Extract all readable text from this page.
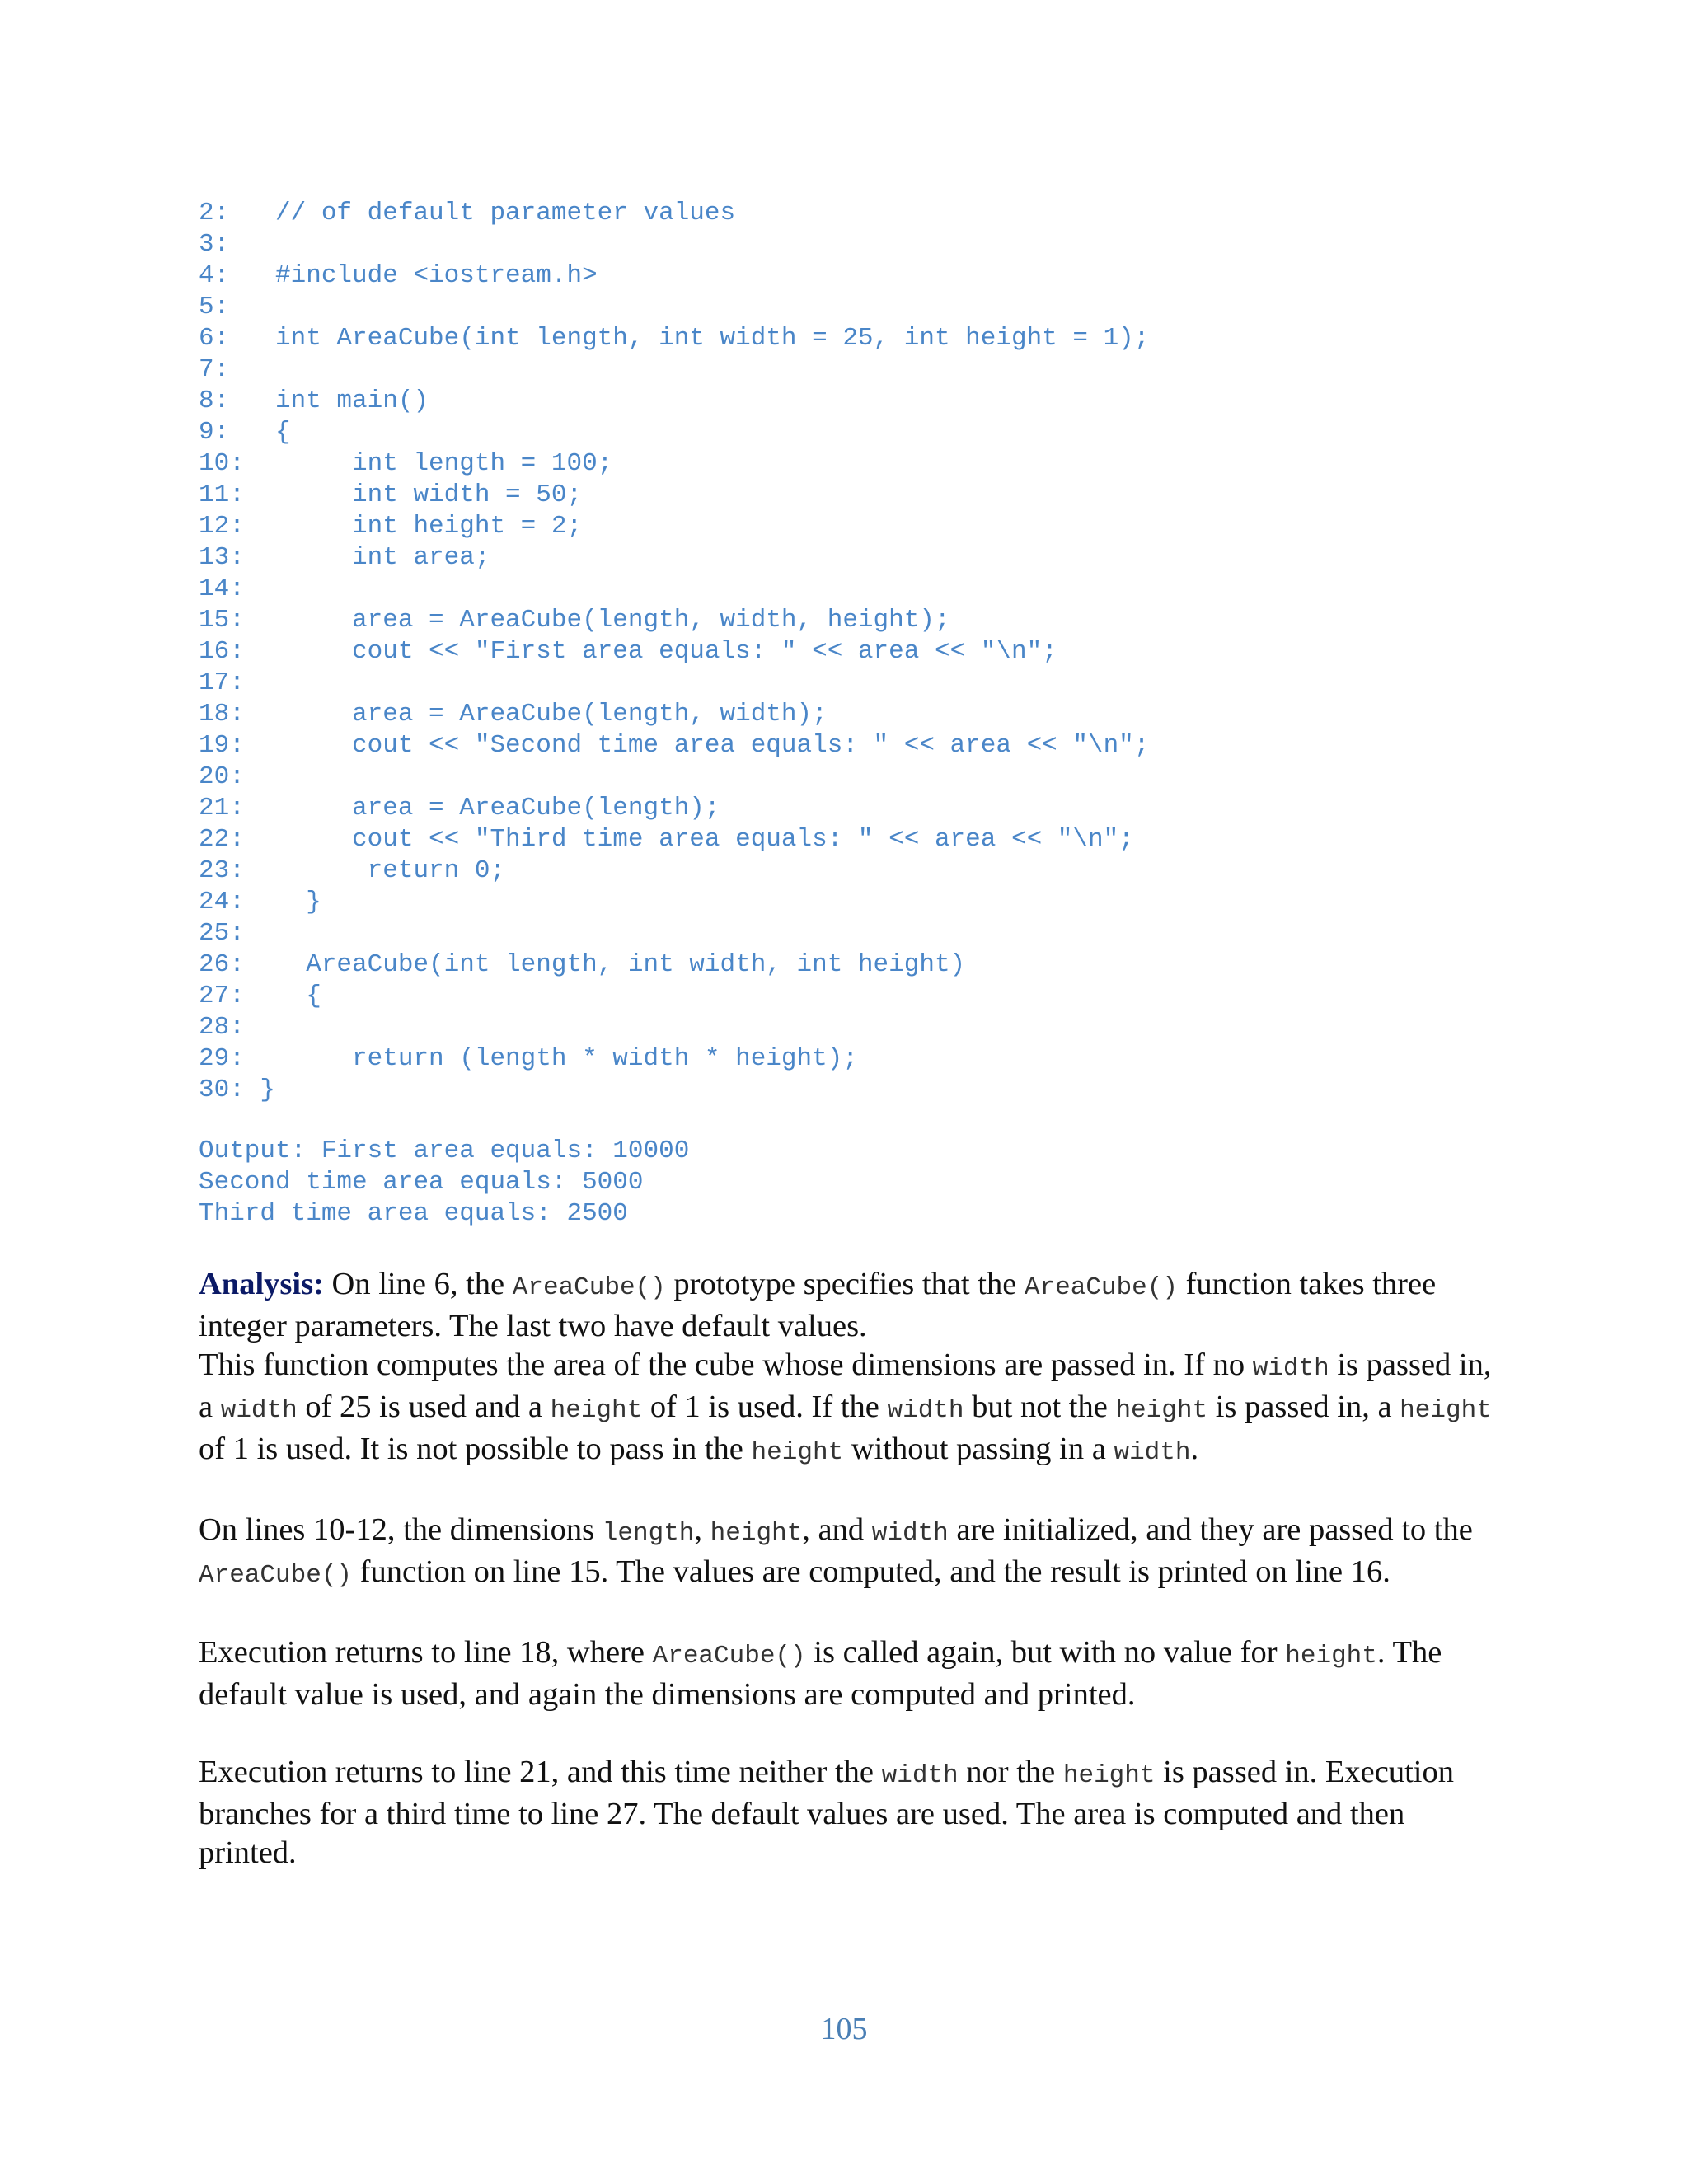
2:   // of default parameter values
3:
4:   #include <iostream.h>
5:
6:   int AreaCube(int length, int width = 25, int height = 1);
7:
8:   int main()
9:   {
10:       int length = 100;
11:       int width = 50;
12:       int height = 2;
13:       int area;
14:
15:       area = AreaCube(length, width, height);
16:       cout << "First area equals: " << area << "\n";
17:
18:       area = AreaCube(length, width);
19:       cout << "Second time area equals: " << area << "\n";
20:
21:       area = AreaCube(length);
22:       cout << "Third time area equals: " << area << "\n";
23:        return 0;
24:    }
25:
26:    AreaCube(int length, int width, int height)
27:    {
28:
29:       return (length * width * height);
30: }
Output: First area equals: 10000
Second time area equals: 5000
Third time area equals: 2500

Analysis: On line 6, the AreaCube() prototype specifies that the AreaCube() function takes three integer parameters. The last two have default values.

This function computes the area of the cube whose dimensions are passed in. If no width is passed in, a width of 25 is used and a height of 1 is used. If the width but not the height is passed in, a height of 1 is used. It is not possible to pass in the height without passing in a width.

On lines 10-12, the dimensions length, height, and width are initialized, and they are passed to the AreaCube() function on line 15. The values are computed, and the result is printed on line 16.

Execution returns to line 18, where AreaCube() is called again, but with no value for height. The default value is used, and again the dimensions are computed and printed.

Execution returns to line 21, and this time neither the width nor the height is passed in. Execution branches for a third time to line 27. The default values are used. The area is computed and then printed.

105
